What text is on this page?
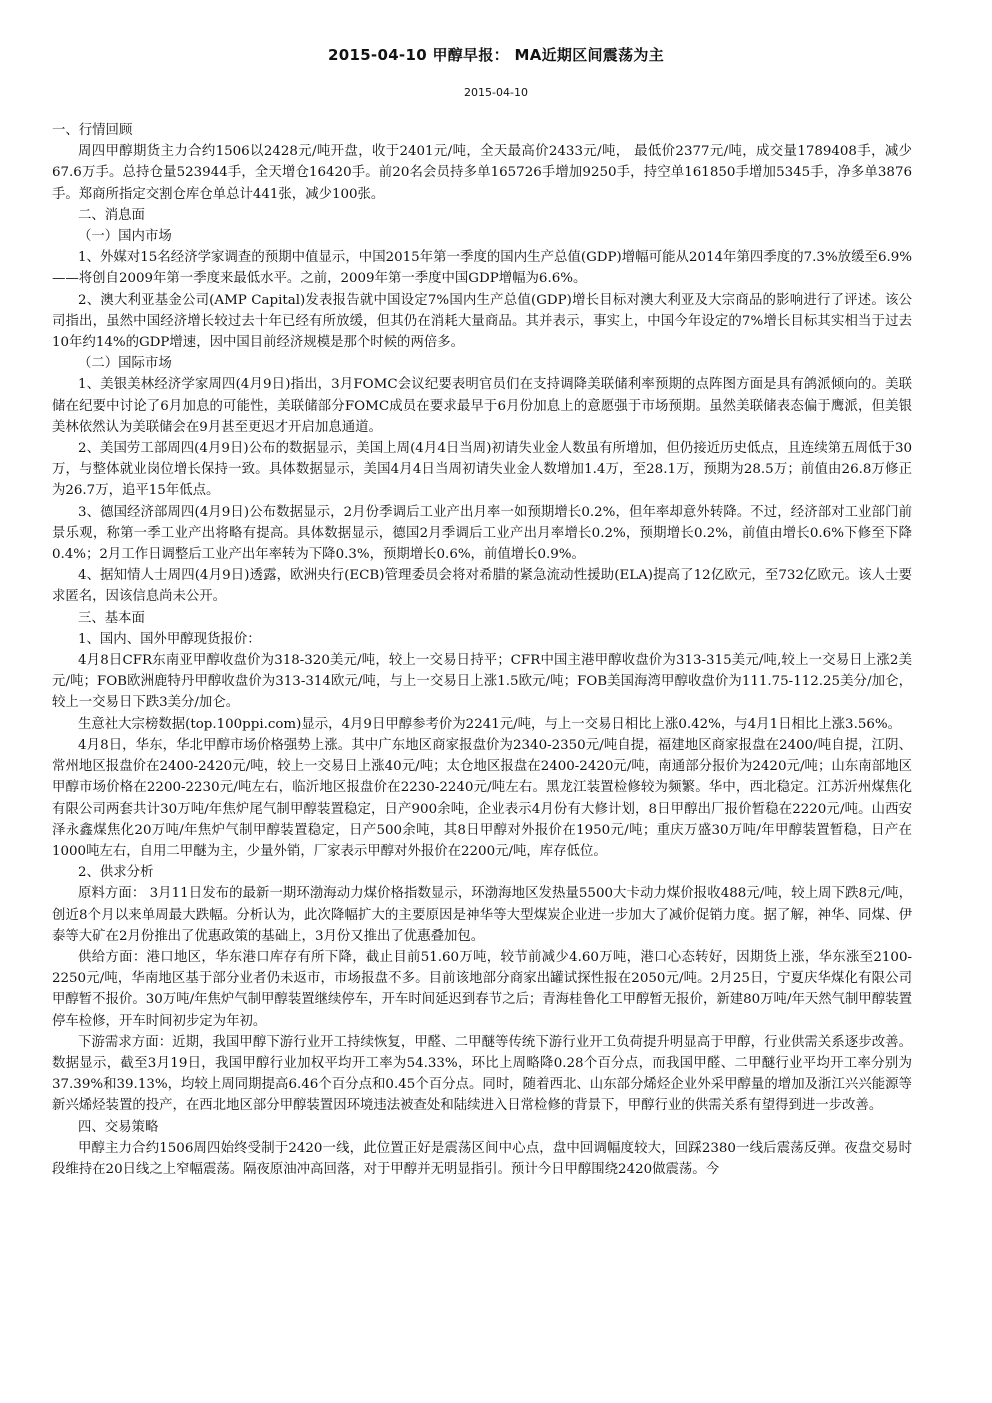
2015-04-10 甲醇早报： MA近期区间震荡为主
2015-04-10

一、行情回顾

周四甲醇期货主力合约1506以2428元/吨开盘，收于2401元/吨，全天最高价2433元/吨， 最低价2377元/吨，成交量1789408手，减少67.6万手。总持仓量523944手，全天增仓16420手。前20名会员持多单165726手增加9250手，持空单161850手增加5345手，净多单3876手。郑商所指定交割仓库仓单总计441张，减少100张。

二、消息面

（一）国内市场

1、外媒对15名经济学家调查的预期中值显示，中国2015年第一季度的国内生产总值(GDP)增幅可能从2014年第四季度的7.3%放缓至6.9%——将创自2009年第一季度来最低水平。之前，2009年第一季度中国GDP增幅为6.6%。

2、澳大利亚基金公司(AMP Capital)发表报告就中国设定7%国内生产总值(GDP)增长目标对澳大利亚及大宗商品的影响进行了评述。该公司指出，虽然中国经济增长较过去十年已经有所放缓，但其仍在消耗大量商品。其并表示，事实上，中国今年设定的7%增长目标其实相当于过去10年约14%的GDP增速，因中国目前经济规模是那个时候的两倍多。

（二）国际市场

1、美银美林经济学家周四(4月9日)指出，3月FOMC会议纪要表明官员们在支持调降美联储利率预期的点阵图方面是具有鸽派倾向的。美联储在纪要中讨论了6月加息的可能性，美联储部分FOMC成员在要求最早于6月份加息上的意愿强于市场预期。虽然美联储表态偏于鹰派，但美银美林依然认为美联储会在9月甚至更迟才开启加息通道。

2、美国劳工部周四(4月9日)公布的数据显示，美国上周(4月4日当周)初请失业金人数虽有所增加，但仍接近历史低点，且连续第五周低于30万，与整体就业岗位增长保持一致。具体数据显示，美国4月4日当周初请失业金人数增加1.4万，至28.1万，预期为28.5万；前值由26.8万修正为26.7万，追平15年低点。

3、德国经济部周四(4月9日)公布数据显示，2月份季调后工业产出月率一如预期增长0.2%，但年率却意外转降。不过，经济部对工业部门前景乐观，称第一季工业产出将略有提高。具体数据显示，德国2月季调后工业产出月率增长0.2%，预期增长0.2%，前值由增长0.6%下修至下降0.4%；2月工作日调整后工业产出年率转为下降0.3%，预期增长0.6%，前值增长0.9%。

4、据知情人士周四(4月9日)透露，欧洲央行(ECB)管理委员会将对希腊的紧急流动性援助(ELA)提高了12亿欧元，至732亿欧元。该人士要求匿名，因该信息尚未公开。

三、基本面

1、国内、国外甲醇现货报价：

4月8日CFR东南亚甲醇收盘价为318-320美元/吨，较上一交易日持平；CFR中国主港甲醇收盘价为313-315美元/吨,较上一交易日上涨2美元/吨；FOB欧洲鹿特丹甲醇收盘价为313-314欧元/吨，与上一交易日上涨1.5欧元/吨；FOB美国海湾甲醇收盘价为111.75-112.25美分/加仑，较上一交易日下跌3美分/加仑。

生意社大宗榜数据(top.100ppi.com)显示，4月9日甲醇参考价为2241元/吨，与上一交易日相比上涨0.42%，与4月1日相比上涨3.56%。

4月8日，华东，华北甲醇市场价格强势上涨。其中广东地区商家报盘价为2340-2350元/吨自提，福建地区商家报盘在2400/吨自提，江阴、常州地区报盘价在2400-2420元/吨，较上一交易日上涨40元/吨；太仓地区报盘在2400-2420元/吨，南通部分报价为2420元/吨；山东南部地区甲醇市场价格在2200-2230元/吨左右，临沂地区报盘价在2230-2240元/吨左右。黑龙江装置检修较为频繁。华中，西北稳定。江苏沂州煤焦化有限公司两套共计30万吨/年焦炉尾气制甲醇装置稳定，日产900余吨，企业表示4月份有大修计划，8日甲醇出厂报价暂稳在2220元/吨。山西安泽永鑫煤焦化20万吨/年焦炉气制甲醇装置稳定，日产500余吨，其8日甲醇对外报价在1950元/吨；重庆万盛30万吨/年甲醇装置暂稳，日产在1000吨左右，自用二甲醚为主，少量外销，厂家表示甲醇对外报价在2200元/吨，库存低位。

2、供求分析

原料方面： 3月11日发布的最新一期环渤海动力煤价格指数显示，环渤海地区发热量5500大卡动力煤价报收488元/吨，较上周下跌8元/吨，创近8个月以来单周最大跌幅。分析认为，此次降幅扩大的主要原因是神华等大型煤炭企业进一步加大了减价促销力度。据了解，神华、同煤、伊泰等大矿在2月份推出了优惠政策的基础上，3月份又推出了优惠叠加包。

供给方面：港口地区，华东港口库存有所下降，截止目前51.60万吨，较节前减少4.60万吨，港口心态转好，因期货上涨，华东涨至2100-2250元/吨，华南地区基于部分业者仍未返市，市场报盘不多。目前该地部分商家出罐试探性报在2050元/吨。2月25日，宁夏庆华煤化有限公司甲醇暂不报价。30万吨/年焦炉气制甲醇装置继续停车，开车时间延迟到春节之后；青海桂鲁化工甲醇暂无报价，新建80万吨/年天然气制甲醇装置停车检修，开车时间初步定为年初。

下游需求方面：近期，我国甲醇下游行业开工持续恢复，甲醛、二甲醚等传统下游行业开工负荷提升明显高于甲醇，行业供需关系逐步改善。数据显示，截至3月19日，我国甲醇行业加权平均开工率为54.33%，环比上周略降0.28个百分点，而我国甲醛、二甲醚行业平均开工率分别为37.39%和39.13%，均较上周同期提高6.46个百分点和0.45个百分点。同时，随着西北、山东部分烯烃企业外采甲醇量的增加及浙江兴兴能源等新兴烯烃装置的投产，在西北地区部分甲醇装置因环境违法被查处和陆续进入日常检修的背景下，甲醇行业的供需关系有望得到进一步改善。

四、交易策略

甲醇主力合约1506周四始终受制于2420一线，此位置正好是震荡区间中心点，盘中回调幅度较大，回踩2380一线后震荡反弹。夜盘交易时段维持在20日线之上窄幅震荡。隔夜原油冲高回落，对于甲醇并无明显指引。预计今日甲醇围绕2420做震荡。今
